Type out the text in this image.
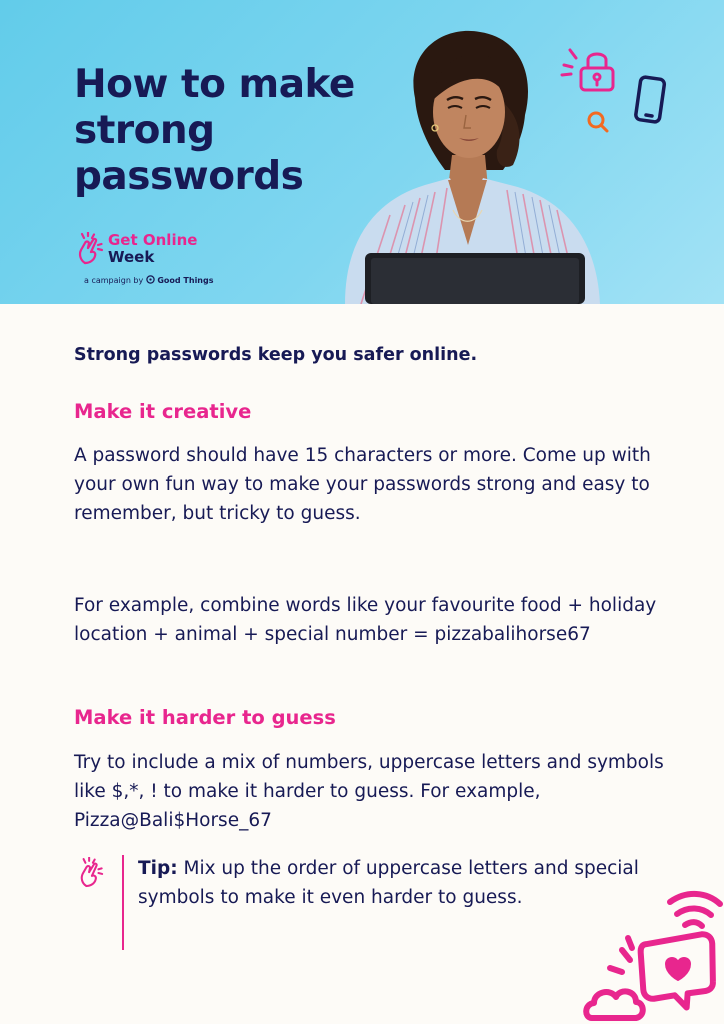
How to make strong passwords
Get Online
Week

a campaign by Good Things

Strong passwords keep you safer online.

Make it creative

A password should have 15 characters or more. Come up with your own fun way to make your passwords strong and easy to remember, but tricky to guess.

For example, combine words like your favourite food + holiday location + animal + special number = pizzabalihorse67

Make it harder to guess

Try to include a mix of numbers, uppercase letters and symbols like $,*, ! to make it harder to guess. For example, Pizza@Bali$Horse_67

Tip: Mix up the order of uppercase letters and special symbols to make it even harder to guess.
